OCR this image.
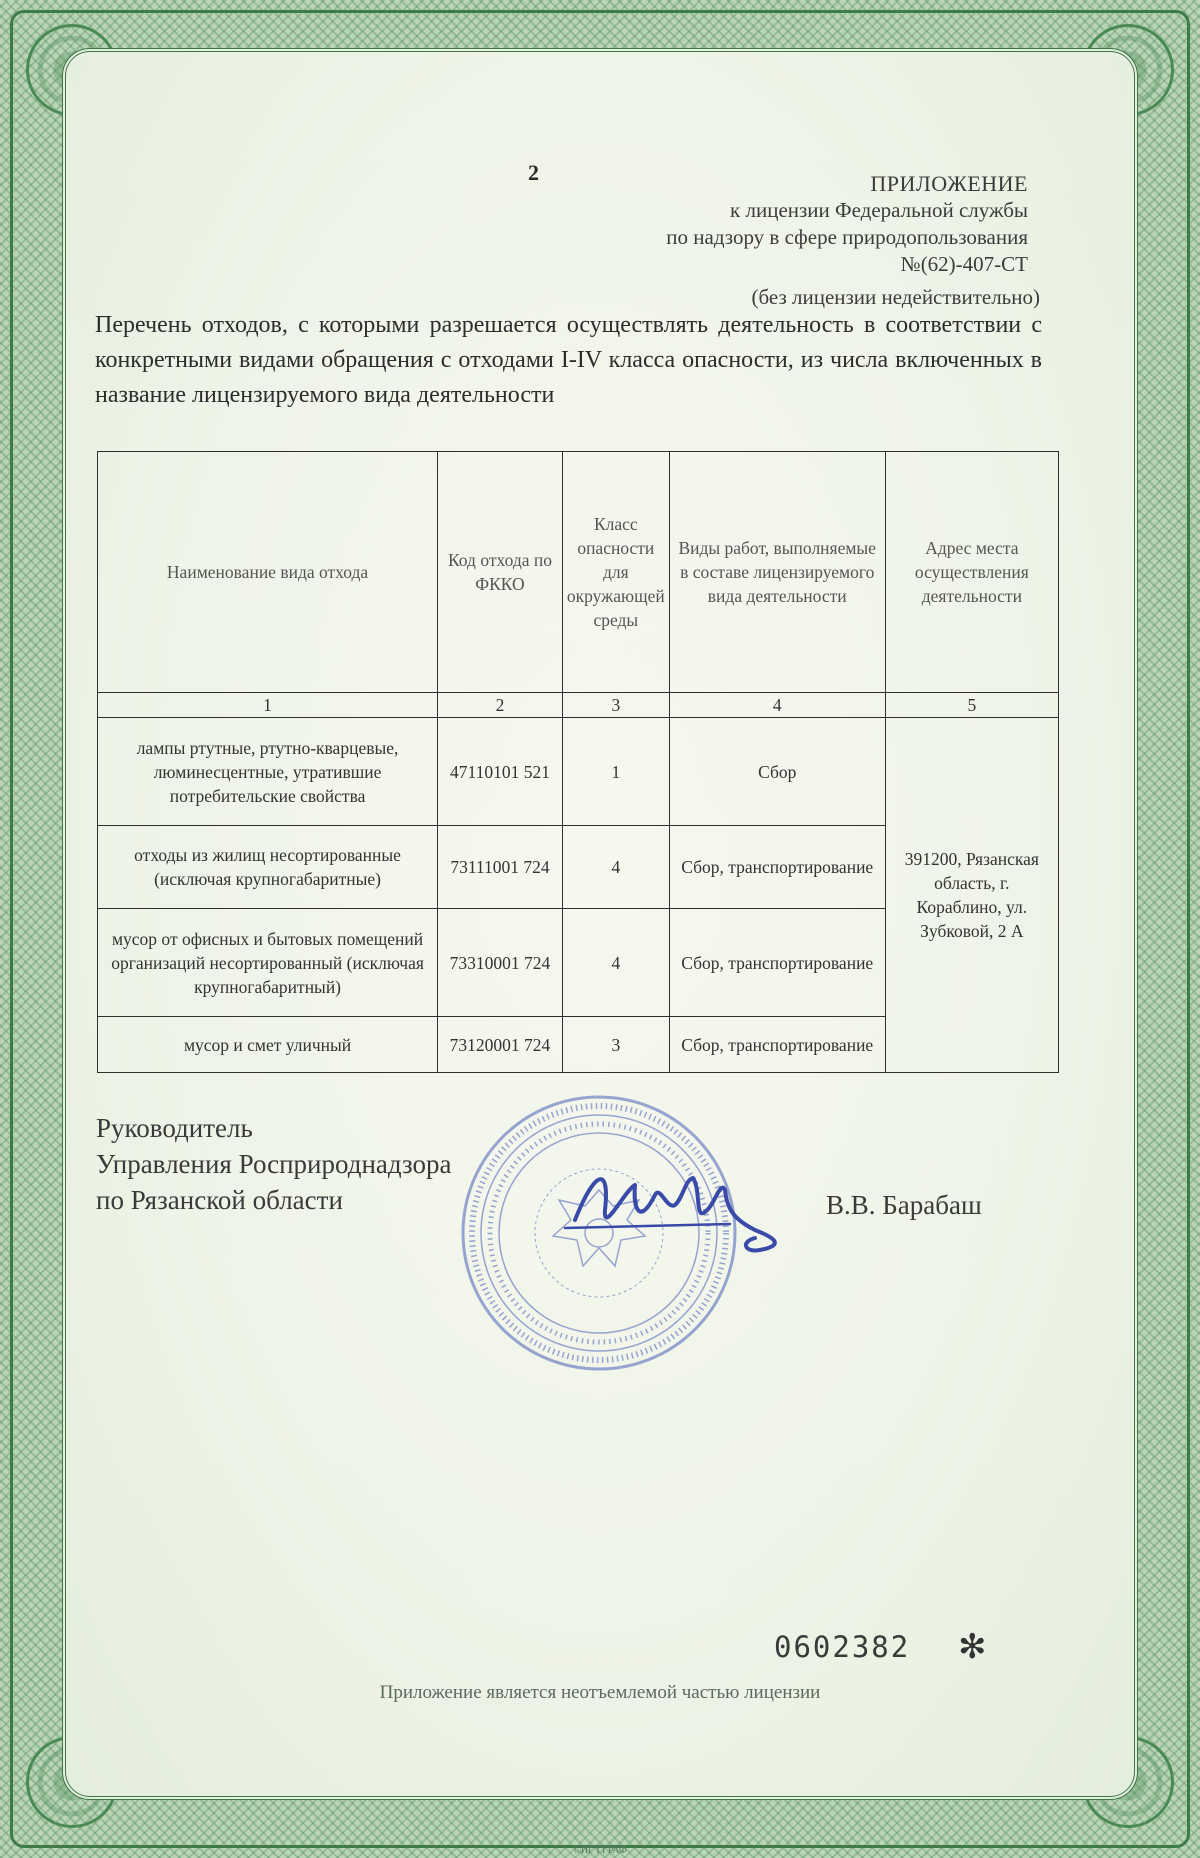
2	ПРИЛОЖЕНИЕ
к лицензии Федеральной службы
по надзору в сфере природопользования
№(62)-407-СТ
(без лицензии недействительно)
Перечень отходов, с которыми разрешается осуществлять деятельность в соответствии с конкретными видами обращения с отходами I-IV класса опасности, из числа включенных в название лицензируемого вида деятельности
Наименование вида отхода	Код отхода по ФККО	Класс опасности для окружающей среды	Виды работ, выполняемые в составе лицензируемого вида деятельности	Адрес места осуществления деятельности
1	2	3	4	5
лампы ртутные, ртутно-кварцевые, люминесцентные, утратившие потребительские свойства	47110101 521	1	Сбор	391200, Рязанская область, г. Кораблино, ул. Зубковой, 2 А
отходы из жилищ несортированные (исключая крупногабаритные)	73111001 724	4	Сбор, транспортирование	
мусор от офисных и бытовых помещений организаций несортированный (исключая крупногабаритный)	73310001 724	4	Сбор, транспортирование	
мусор и смет уличный	73120001 724	3	Сбор, транспортирование	
Руководитель
Управления Росприроднадзора
по Рязанской области	В.В. Барабаш
0602382 ✻
Приложение является неотъемлемой частью лицензии
©ИГ ГГРАФ
